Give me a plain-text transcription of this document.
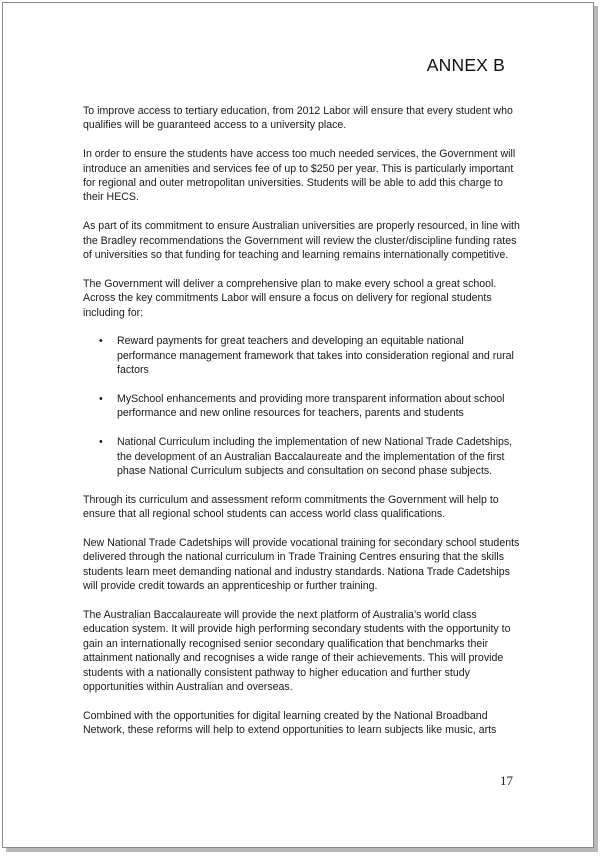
ANNEX B

To improve access to tertiary education, from 2012 Labor will ensure that every student who qualifies will be guaranteed access to a university place.

In order to ensure the students have access too much needed services, the Government will introduce an amenities and services fee of up to $250 per year. This is particularly important for regional and outer metropolitan universities. Students will be able to add this charge to their HECS.

As part of its commitment to ensure Australian universities are properly resourced, in line with the Bradley recommendations the Government will review the cluster/discipline funding rates of universities so that funding for teaching and learning remains internationally competitive.

The Government will deliver a comprehensive plan to make every school a great school. Across the key commitments Labor will ensure a focus on delivery for regional students including for:

• Reward payments for great teachers and developing an equitable national performance management framework that takes into consideration regional and rural factors
• MySchool enhancements and providing more transparent information about school performance and new online resources for teachers, parents and students
• National Curriculum including the implementation of new National Trade Cadetships, the development of an Australian Baccalaureate and the implementation of the first phase National Curriculum subjects and consultation on second phase subjects.

Through its curriculum and assessment reform commitments the Government will help to ensure that all regional school students can access world class qualifications.

New National Trade Cadetships will provide vocational training for secondary school students delivered through the national curriculum in Trade Training Centres ensuring that the skills students learn meet demanding national and industry standards. Nationa Trade Cadetships will provide credit towards an apprenticeship or further training.

The Australian Baccalaureate will provide the next platform of Australia’s world class education system. It will provide high performing secondary students with the opportunity to gain an internationally recognised senior secondary qualification that benchmarks their attainment nationally and recognises a wide range of their achievements. This will provide students with a nationally consistent pathway to higher education and further study opportunities within Australian and overseas.

Combined with the opportunities for digital learning created by the National Broadband Network, these reforms will help to extend opportunities to learn subjects like music, arts

17
